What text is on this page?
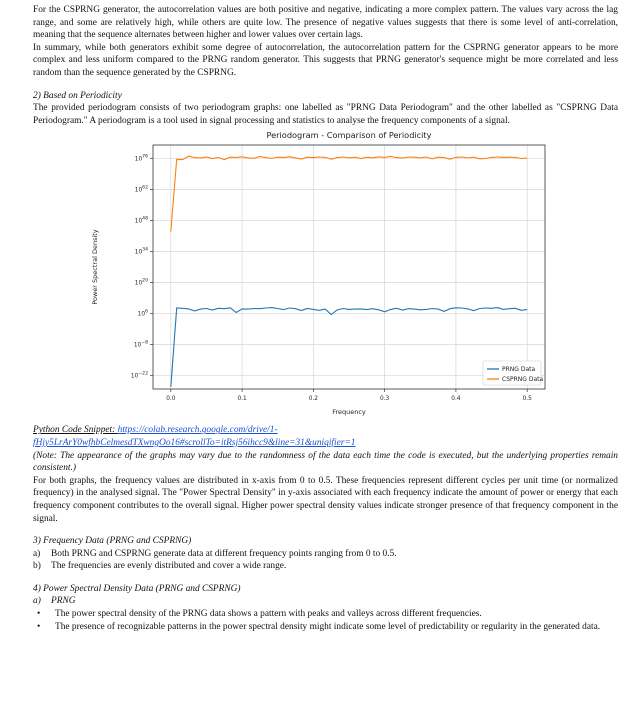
For the CSPRNG generator, the autocorrelation values are both positive and negative, indicating a more complex pattern. The values vary across the lag range, and some are relatively high, while others are quite low. The presence of negative values suggests that there is some level of anti-correlation, meaning that the sequence alternates between higher and lower values over certain lags.

In summary, while both generators exhibit some degree of autocorrelation, the autocorrelation pattern for the CSPRNG generator appears to be more complex and less uniform compared to the PRNG random generator. This suggests that PRNG generator's sequence might be more correlated and less random than the sequence generated by the CSPRNG.

2) Based on Periodicity

The provided periodogram consists of two periodogram graphs: one labelled as "PRNG Data Periodogram" and the other labelled as "CSPRNG Data Periodogram." A periodogram is a tool used in signal processing and statistics to analyse the frequency components of a signal.

Periodogram - Comparison of Periodicity
0.0	0.1	0.2	0.3	0.4	0.5
$10^{76}$
$10^{62}$
$10^{48}$
$10^{34}$
$10^{20}$
$10^6$
$10^{-8}$
$10^{-22}$
Frequency
Power Spectral Density
PRNG Data
CSPRNG Data

Python Code Snippet: https://colab.research.google.com/drive/1-
fHjy5LrArY0wfhbCelmesdTXwngOo16#scrollTo=itRsj56ihcc9&line=31&uniqifier=1

(Note: The appearance of the graphs may vary due to the randomness of the data each time the code is executed, but the underlying properties remain consistent.)

For both graphs, the frequency values are distributed in x-axis from 0 to 0.5. These frequencies represent different cycles per unit time (or normalized frequency) in the analysed signal. The "Power Spectral Density" in y-axis associated with each frequency indicate the amount of power or energy that each frequency component contributes to the overall signal. Higher power spectral density values indicate stronger presence of that frequency component in the signal.

3) Frequency Data (PRNG and CSPRNG)

a)	Both PRNG and CSPRNG generate data at different frequency points ranging from 0 to 0.5.
b)	The frequencies are evenly distributed and cover a wide range.

4) Power Spectral Density Data (PRNG and CSPRNG)

a)	PRNG
•	The power spectral density of the PRNG data shows a pattern with peaks and valleys across different frequencies.
•	The presence of recognizable patterns in the power spectral density might indicate some level of predictability or regularity in the generated data.
